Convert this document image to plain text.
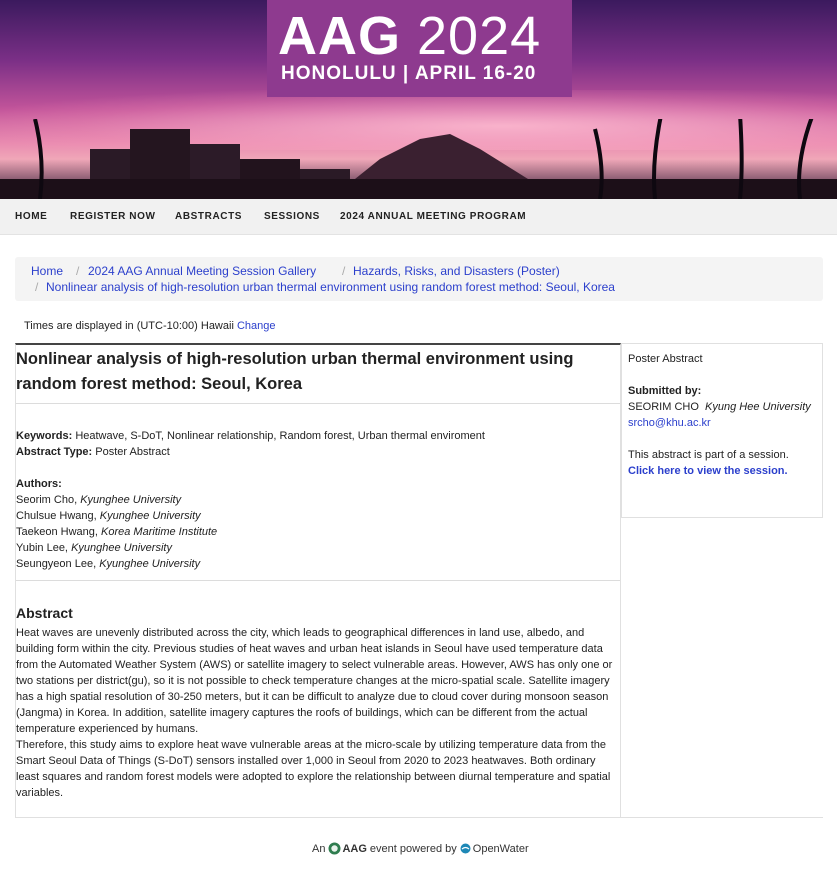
AAG 2024
HONOLULU | APRIL 16-20
HOME REGISTER NOW ABSTRACTS SESSIONS 2024 ANNUAL MEETING PROGRAM
Home / 2024 AAG Annual Meeting Session Gallery / Hazards, Risks, and Disasters (Poster)
/ Nonlinear analysis of high-resolution urban thermal environment using random forest method: Seoul, Korea
Times are displayed in (UTC-10:00) Hawaii Change
Nonlinear analysis of high-resolution urban thermal environment using random forest method: Seoul, Korea
Keywords: Heatwave, S-DoT, Nonlinear relationship, Random forest, Urban thermal enviroment
Abstract Type: Poster Abstract
Authors:
Seorim Cho, Kyunghee University
Chulsue Hwang, Kyunghee University
Taekeon Hwang, Korea Maritime Institute
Yubin Lee, Kyunghee University
Seungyeon Lee, Kyunghee University
Abstract

Heat waves are unevenly distributed across the city, which leads to geographical differences in land use, albedo, and building form within the city. Previous studies of heat waves and urban heat islands in Seoul have used temperature data from the Automated Weather System (AWS) or satellite imagery to select vulnerable areas. However, AWS has only one or two stations per district(gu), so it is not possible to check temperature changes at the micro-spatial scale. Satellite imagery has a high spatial resolution of 30-250 meters, but it can be difficult to analyze due to cloud cover during monsoon season (Jangma) in Korea. In addition, satellite imagery captures the roofs of buildings, which can be different from the actual temperature experienced by humans.

Therefore, this study aims to explore heat wave vulnerable areas at the micro-scale by utilizing temperature data from the Smart Seoul Data of Things (S-DoT) sensors installed over 1,000 in Seoul from 2020 to 2023 heatwaves. Both ordinary least squares and random forest models were adopted to explore the relationship between diurnal temperature and spatial variables.

Poster Abstract
Submitted by:
SEORIM CHO Kyung Hee University
srcho@khu.ac.kr
This abstract is part of a session.
Click here to view the session.
An AAG event powered by OpenWater
